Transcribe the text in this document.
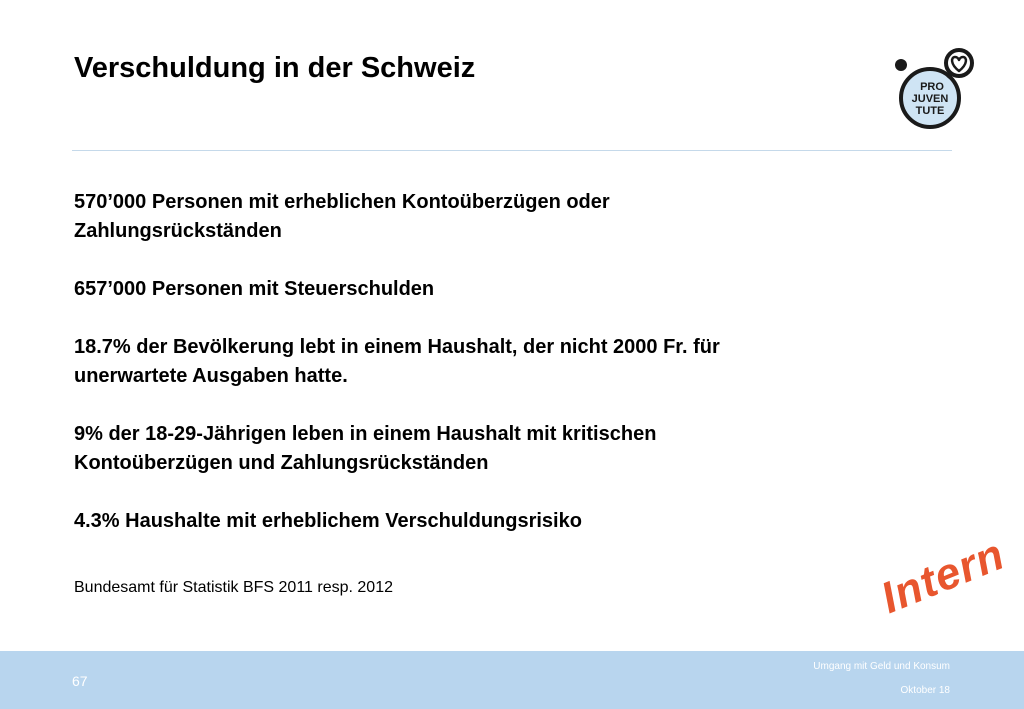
Verschuldung in der Schweiz
PRO
JUVEN
TUTE

570’000 Personen mit erheblichen Kontoüberzügen oder
Zahlungsrückständen

657’000 Personen mit Steuerschulden

18.7% der Bevölkerung lebt in einem Haushalt, der nicht 2000 Fr. für
unerwartete Ausgaben hatte.

9% der 18-29-Jährigen leben in einem Haushalt mit kritischen
Kontoüberzügen und Zahlungsrückständen

4.3% Haushalte mit erheblichem Verschuldungsrisiko

Bundesamt für Statistik BFS 2011 resp. 2012	Intern
67
Umgang mit Geld und Konsum
Oktober 18
